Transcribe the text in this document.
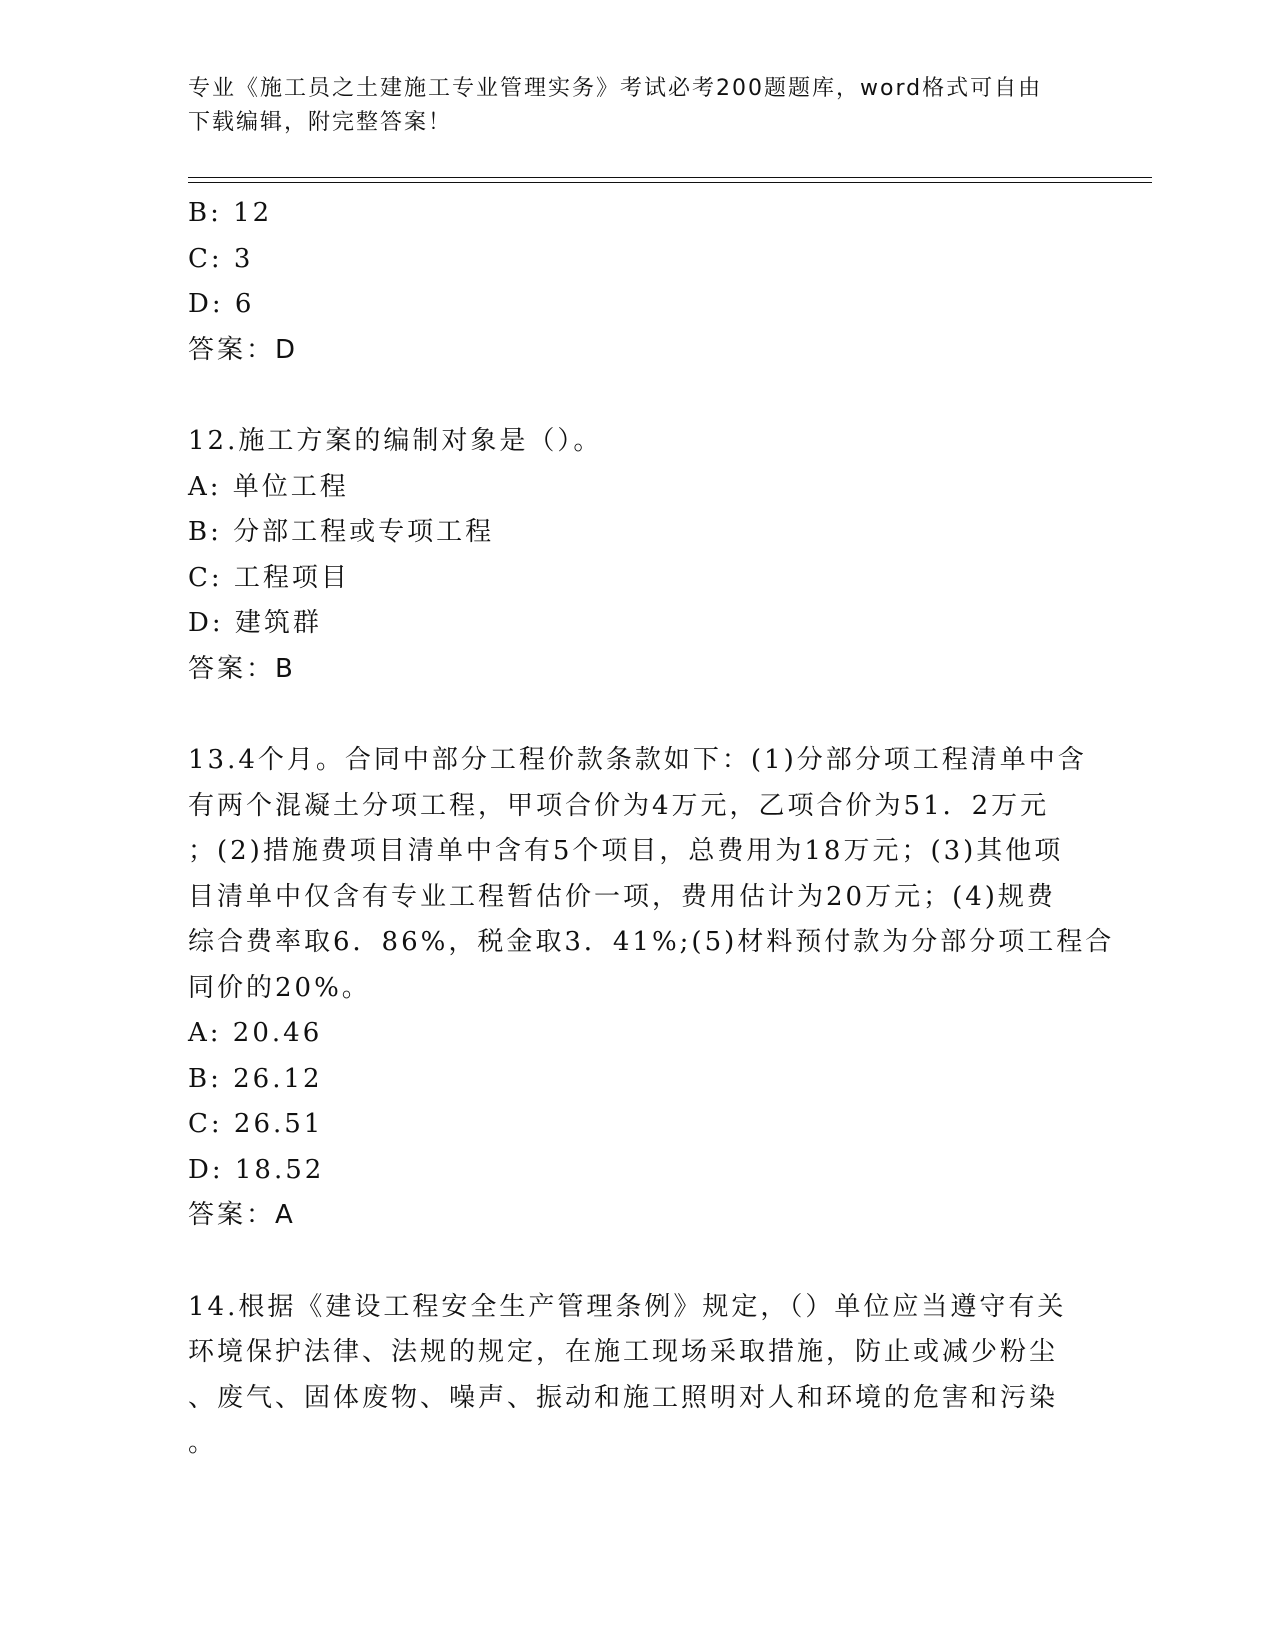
专业《施工员之土建施工专业管理实务》考试必考200题题库，word格式可自由
下载编辑，附完整答案！
B: 12
C: 3
D: 6
答案：D
12.施工方案的编制对象是（）。
A: 单位工程
B: 分部工程或专项工程
C: 工程项目
D: 建筑群
答案：B
13.4个月。合同中部分工程价款条款如下：(1)分部分项工程清单中含
有两个混凝土分项工程，甲项合价为4万元，乙项合价为51．2万元
；(2)措施费项目清单中含有5个项目，总费用为18万元；(3)其他项
目清单中仅含有专业工程暂估价一项，费用估计为20万元；(4)规费
综合费率取6．86%，税金取3．41%;(5)材料预付款为分部分项工程合
同价的20%。
A: 20.46
B: 26.12
C: 26.51
D: 18.52
答案：A
14.根据《建设工程安全生产管理条例》规定，（）单位应当遵守有关
环境保护法律、法规的规定，在施工现场采取措施，防止或减少粉尘
、废气、固体废物、噪声、振动和施工照明对人和环境的危害和污染
。
